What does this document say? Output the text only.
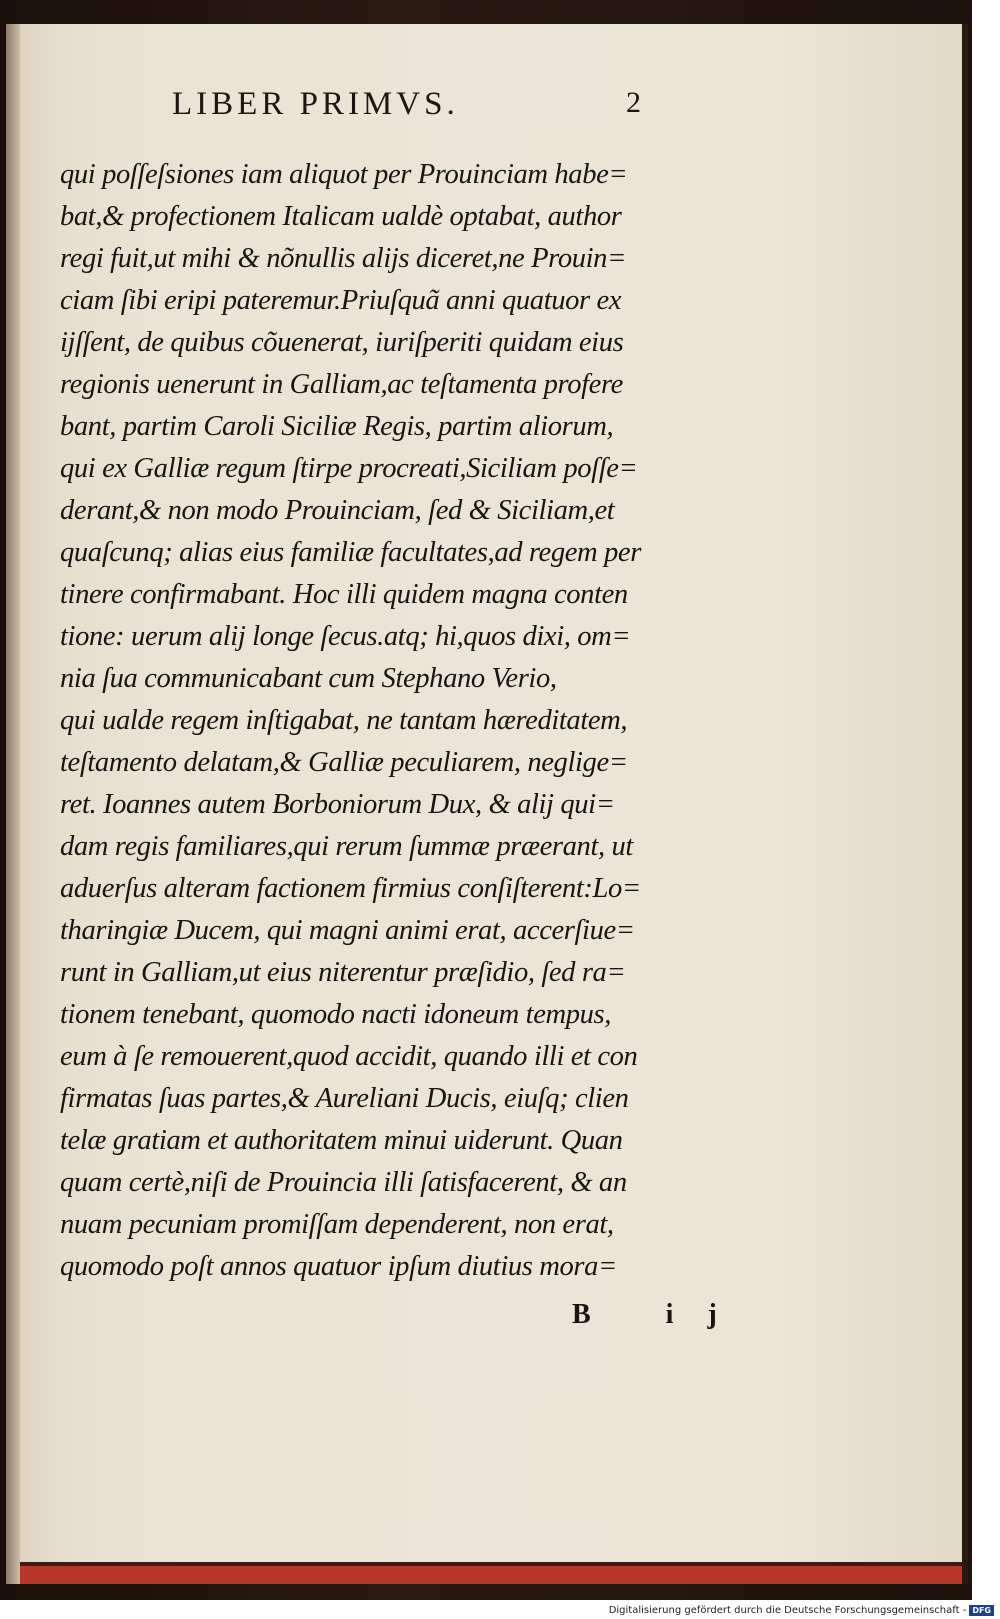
LIBER PRIMVS.	2
qui poſſeſsiones iam aliquot per Prouinciam habe=
bat,& profectionem Italicam ualdè optabat, author
regi fuit,ut mihi & nõnullis alijs diceret,ne Prouin=
ciam ſibi eripi pateremur.Priuſquã anni quatuor ex
ijſſent, de quibus cõuenerat, iuriſperiti quidam eius
regionis uenerunt in Galliam,ac teſtamenta profere
bant, partim Caroli Siciliæ Regis, partim aliorum,
qui ex Galliæ regum ſtirpe procreati,Siciliam poſſe=
derant,& non modo Prouinciam, ſed & Siciliam,et
quaſcunq; alias eius familiæ facultates,ad regem per
tinere confirmabant. Hoc illi quidem magna conten
tione: uerum alij longe ſecus.atq; hi,quos dixi, om=
nia ſua communicabant cum Stephano Verio,
qui ualde regem inſtigabat, ne tantam hæreditatem,
teſtamento delatam,& Galliæ peculiarem, neglige=
ret. Ioannes autem Borboniorum Dux, & alij qui=
dam regis familiares,qui rerum ſummæ præerant, ut
aduerſus alteram factionem firmius conſiſterent:Lo=
tharingiæ Ducem, qui magni animi erat, accerſiue=
runt in Galliam,ut eius niterentur præſidio, ſed ra=
tionem tenebant, quomodo nacti idoneum tempus,
eum à ſe remouerent,quod accidit, quando illi et con
firmatas ſuas partes,& Aureliani Ducis, eiuſq; clien
telæ gratiam et authoritatem minui uiderunt. Quan
quam certè,niſi de Prouincia illi ſatisfacerent, & an
nuam pecuniam promiſſam dependerent, non erat,
quomodo poſt annos quatuor ipſum diutius mora=
B ij
Digitalisierung gefördert durch die Deutsche Forschungsgemeinschaft - DFG
